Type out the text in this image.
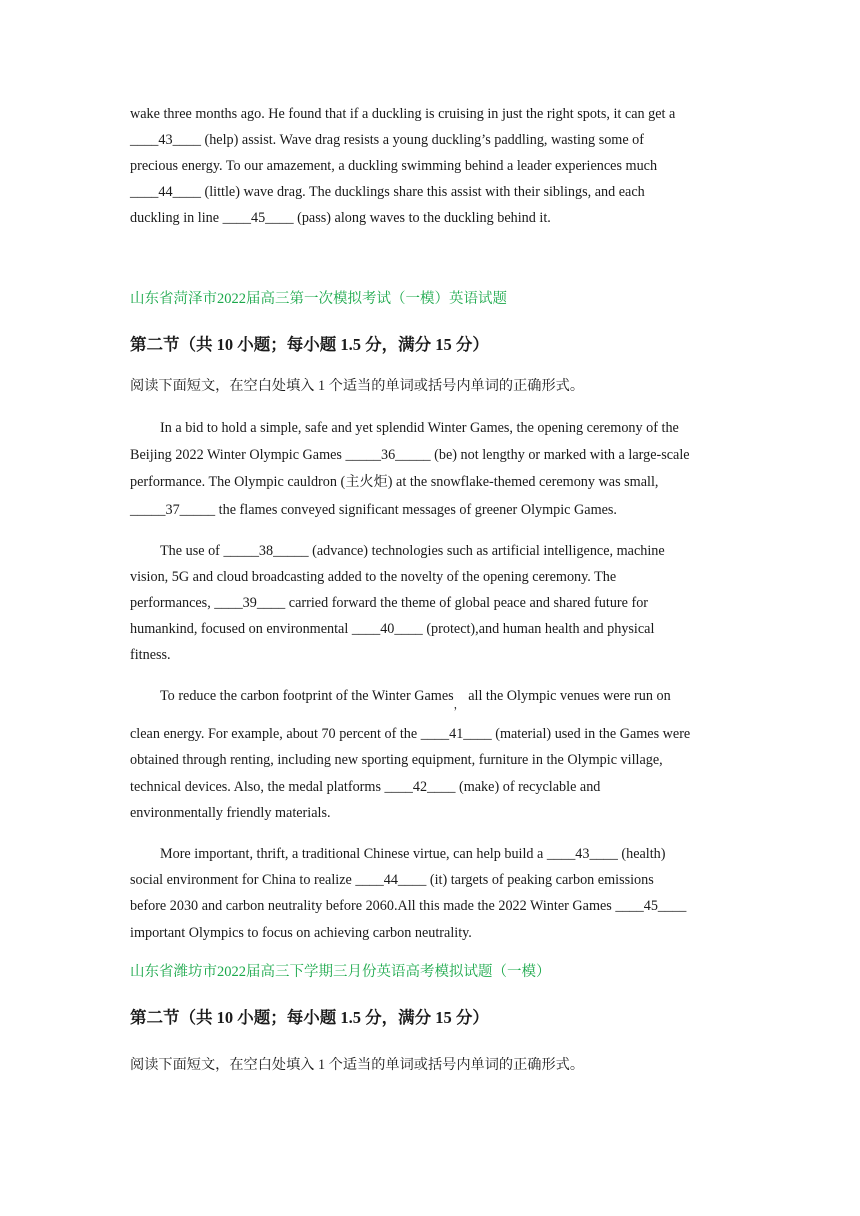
wake three months ago. He found that if a duckling is cruising in just the right spots, it can get a
____43____ (help) assist. Wave drag resists a young duckling’s paddling, wasting some of
precious energy. To our amazement, a duckling swimming behind a leader experiences much
____44____ (little) wave drag. The ducklings share this assist with their siblings, and each
duckling in line ____45____ (pass) along waves to the duckling behind it.
山东省菏泽市2022届高三第一次模拟考试（一模）英语试题
第二节（共 10 小题；每小题 1.5 分，满分 15 分）
阅读下面短文，在空白处填入 1 个适当的单词或括号内单词的正确形式。
In a bid to hold a simple, safe and yet splendid Winter Games, the opening ceremony of the
Beijing 2022 Winter Olympic Games _____36_____ (be) not lengthy or marked with a large-scale
performance. The Olympic cauldron (主火炬) at the snowflake-themed ceremony was small,
_____37_____ the flames conveyed significant messages of greener Olympic Games.
The use of _____38_____ (advance) technologies such as artificial intelligence, machine
vision, 5G and cloud broadcasting added to the novelty of the opening ceremony. The
performances, ____39____ carried forward the theme of global peace and shared future for
humankind, focused on environmental ____40____ (protect),and human health and physical
fitness.
To reduce the carbon footprint of the Winter Games$_,$ all the Olympic venues were run on
clean energy. For example, about 70 percent of the ____41____ (material) used in the Games were
obtained through renting, including new sporting equipment, furniture in the Olympic village,
technical devices. Also, the medal platforms ____42____ (make) of recyclable and
environmentally friendly materials.
More important, thrift, a traditional Chinese virtue, can help build a ____43____ (health)
social environment for China to realize ____44____ (it) targets of peaking carbon emissions
before 2030 and carbon neutrality before 2060.All this made the 2022 Winter Games ____45____
important Olympics to focus on achieving carbon neutrality.
山东省潍坊市2022届高三下学期三月份英语高考模拟试题（一模）
第二节（共 10 小题；每小题 1.5 分，满分 15 分）
阅读下面短文，在空白处填入 1 个适当的单词或括号内单词的正确形式。
